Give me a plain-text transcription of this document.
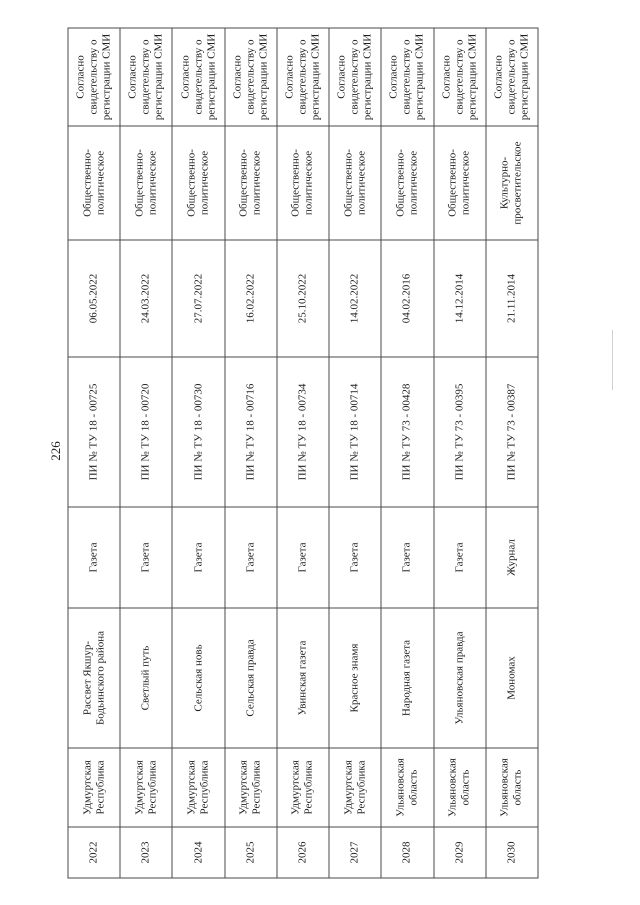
226
2022	Удмуртская Республика	Рассвет Якшур-
Бодьинского района	Газета	ПИ № ТУ 18 - 00725	06.05.2022	Общественно-
политическое	Согласно
свидетельству о
регистрации СМИ
2023	Удмуртская Республика	Светлый путь	Газета	ПИ № ТУ 18 - 00720	24.03.2022	Общественно-
политическое	Согласно
свидетельству о
регистрации СМИ
2024	Удмуртская Республика	Сельская новь	Газета	ПИ № ТУ 18 - 00730	27.07.2022	Общественно-
политическое	Согласно
свидетельству о
регистрации СМИ
2025	Удмуртская Республика	Сельская правда	Газета	ПИ № ТУ 18 - 00716	16.02.2022	Общественно-
политическое	Согласно
свидетельству о
регистрации СМИ
2026	Удмуртская Республика	Увинская газета	Газета	ПИ № ТУ 18 - 00734	25.10.2022	Общественно-
политическое	Согласно
свидетельству о
регистрации СМИ
2027	Удмуртская Республика	Красное знамя	Газета	ПИ № ТУ 18 - 00714	14.02.2022	Общественно-
политическое	Согласно
свидетельству о
регистрации СМИ
2028	Ульяновская область	Народная газета	Газета	ПИ № ТУ 73 - 00428	04.02.2016	Общественно-
политическое	Согласно
свидетельству о
регистрации СМИ
2029	Ульяновская область	Ульяновская правда	Газета	ПИ № ТУ 73 - 00395	14.12.2014	Общественно-
политическое	Согласно
свидетельству о
регистрации СМИ
2030	Ульяновская область	Мономах	Журнал	ПИ № ТУ 73 - 00387	21.11.2014	Культурно-
просветительское	Согласно
свидетельству о
регистрации СМИ
